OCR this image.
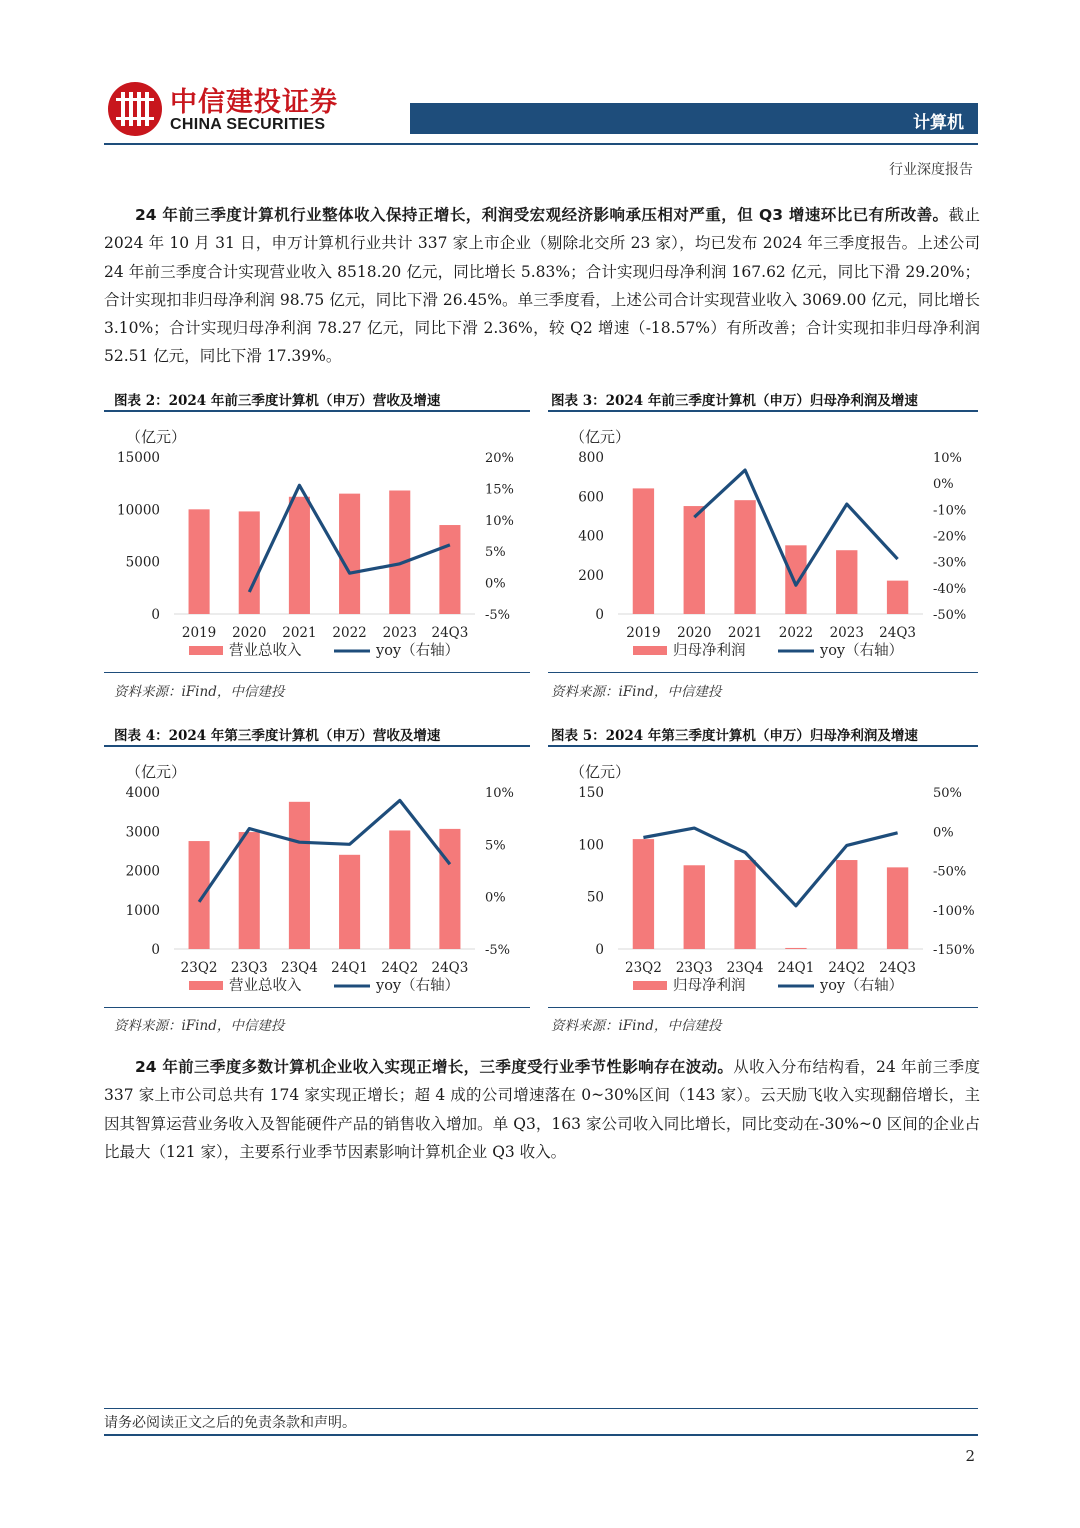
中信建投证券
CHINA SECURITIES	计算机
行业深度报告
24 年前三季度计算机行业整体收入保持正增长，利润受宏观经济影响承压相对严重，但 Q3 增速环比已有所改善。截止 2024 年 10 月 31 日，申万计算机行业共计 337 家上市企业（剔除北交所 23 家），均已发布 2024 年三季度报告。上述公司 24 年前三季度合计实现营业收入 8518.20 亿元，同比增长 5.83%；合计实现归母净利润 167.62 亿元，同比下滑 29.20%；合计实现扣非归母净利润 98.75 亿元，同比下滑 26.45%。单三季度看，上述公司合计实现营业收入 3069.00 亿元，同比增长 3.10%；合计实现归母净利润 78.27 亿元，同比下滑 2.36%，较 Q2 增速（-18.57%）有所改善；合计实现扣非归母净利润 52.51 亿元，同比下滑 17.39%。
图表 2：2024 年前三季度计算机（申万）营收及增速
（亿元）
15000
10000
5000
0
20%
15%
10%
5%
0%
-5%
2019 2020 2021 2022 2023 24Q3
营业总收入	yoy（右轴）
资料来源：iFind，中信建投
图表 3：2024 年前三季度计算机（申万）归母净利润及增速
（亿元）
800
600
400
200
0
10%
0%
-10%
-20%
-30%
-40%
-50%
2019 2020 2021 2022 2023 24Q3
归母净利润	yoy（右轴）
资料来源：iFind，中信建投
图表 4：2024 年第三季度计算机（申万）营收及增速
（亿元）
4000
3000
2000
1000
0
10%
5%
0%
-5%
23Q2 23Q3 23Q4 24Q1 24Q2 24Q3
营业总收入	yoy（右轴）
资料来源：iFind，中信建投
图表 5：2024 年第三季度计算机（申万）归母净利润及增速
（亿元）
150
100
50
0
50%
0%
-50%
-100%
-150%
23Q2 23Q3 23Q4 24Q1 24Q2 24Q3
归母净利润	yoy（右轴）
资料来源：iFind，中信建投
24 年前三季度多数计算机企业收入实现正增长，三季度受行业季节性影响存在波动。从收入分布结构看，24 年前三季度 337 家上市公司总共有 174 家实现正增长；超 4 成的公司增速落在 0~30%区间（143 家）。云天励飞收入实现翻倍增长，主因其智算运营业务收入及智能硬件产品的销售收入增加。单 Q3，163 家公司收入同比增长，同比变动在-30%~0 区间的企业占比最大（121 家），主要系行业季节因素影响计算机企业 Q3 收入。
请务必阅读正文之后的免责条款和声明。
2
